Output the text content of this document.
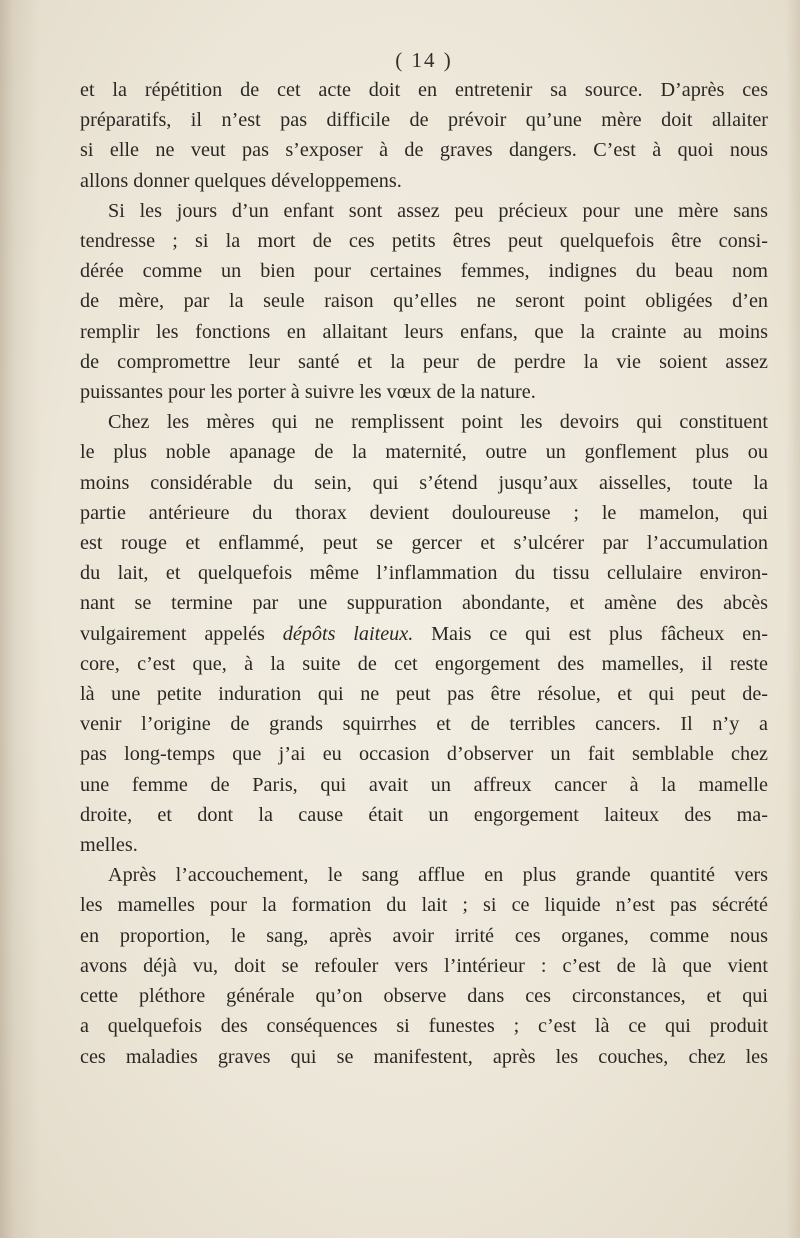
( 14 )
et la répétition de cet acte doit en entretenir sa source. D’après ces
préparatifs, il n’est pas difficile de prévoir qu’une mère doit allaiter
si elle ne veut pas s’exposer à de graves dangers. C’est à quoi nous
allons donner quelques développemens.
Si les jours d’un enfant sont assez peu précieux pour une mère sans
tendresse ; si la mort de ces petits êtres peut quelquefois être consi-
dérée comme un bien pour certaines femmes, indignes du beau nom
de mère, par la seule raison qu’elles ne seront point obligées d’en
remplir les fonctions en allaitant leurs enfans, que la crainte au moins
de compromettre leur santé et la peur de perdre la vie soient assez
puissantes pour les porter à suivre les vœux de la nature.
Chez les mères qui ne remplissent point les devoirs qui constituent
le plus noble apanage de la maternité, outre un gonflement plus ou
moins considérable du sein, qui s’étend jusqu’aux aisselles, toute la
partie antérieure du thorax devient douloureuse ; le mamelon, qui
est rouge et enflammé, peut se gercer et s’ulcérer par l’accumulation
du lait, et quelquefois même l’inflammation du tissu cellulaire environ-
nant se termine par une suppuration abondante, et amène des abcès
vulgairement appelés dépôts laiteux. Mais ce qui est plus fâcheux en-
core, c’est que, à la suite de cet engorgement des mamelles, il reste
là une petite induration qui ne peut pas être résolue, et qui peut de-
venir l’origine de grands squirrhes et de terribles cancers. Il n’y a
pas long-temps que j’ai eu occasion d’observer un fait semblable chez
une femme de Paris, qui avait un affreux cancer à la mamelle
droite, et dont la cause était un engorgement laiteux des ma-
melles.
Après l’accouchement, le sang afflue en plus grande quantité vers
les mamelles pour la formation du lait ; si ce liquide n’est pas sécrété
en proportion, le sang, après avoir irrité ces organes, comme nous
avons déjà vu, doit se refouler vers l’intérieur : c’est de là que vient
cette pléthore générale qu’on observe dans ces circonstances, et qui
a quelquefois des conséquences si funestes ; c’est là ce qui produit
ces maladies graves qui se manifestent, après les couches, chez les
